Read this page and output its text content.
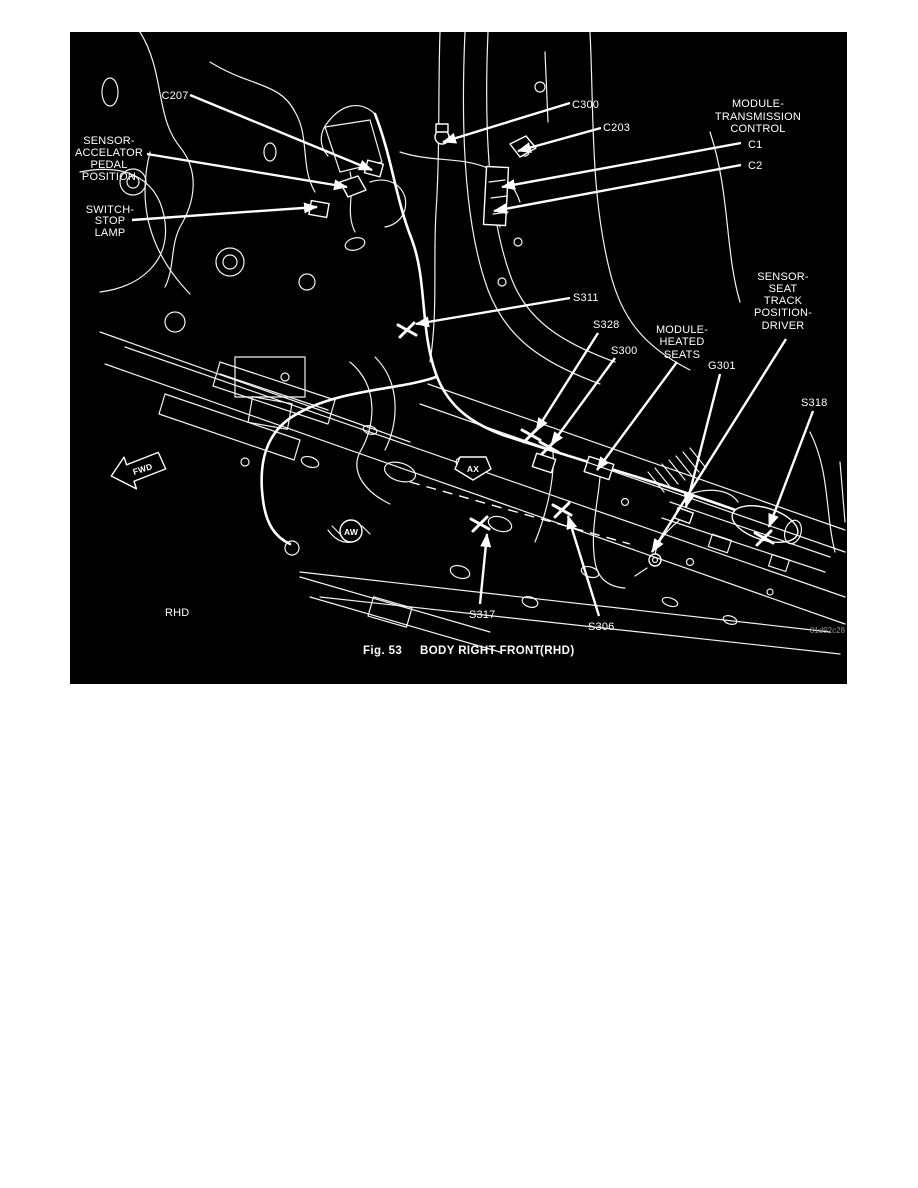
FWD	AX
AW
C207
SENSOR-
ACCELATOR
PEDAL
POSITION
SWITCH-
STOP
LAMP
C300
C203
MODULE-
TRANSMISSION
CONTROL
C1
C2
S311
S328
S300
MODULE-
HEATED
SEATS
G301
SENSOR-
SEAT
TRACK
POSITION-
DRIVER
S318
S317
S306
RHD
81d92c28
Fig. 53 BODY RIGHT FRONT
(RHD)
